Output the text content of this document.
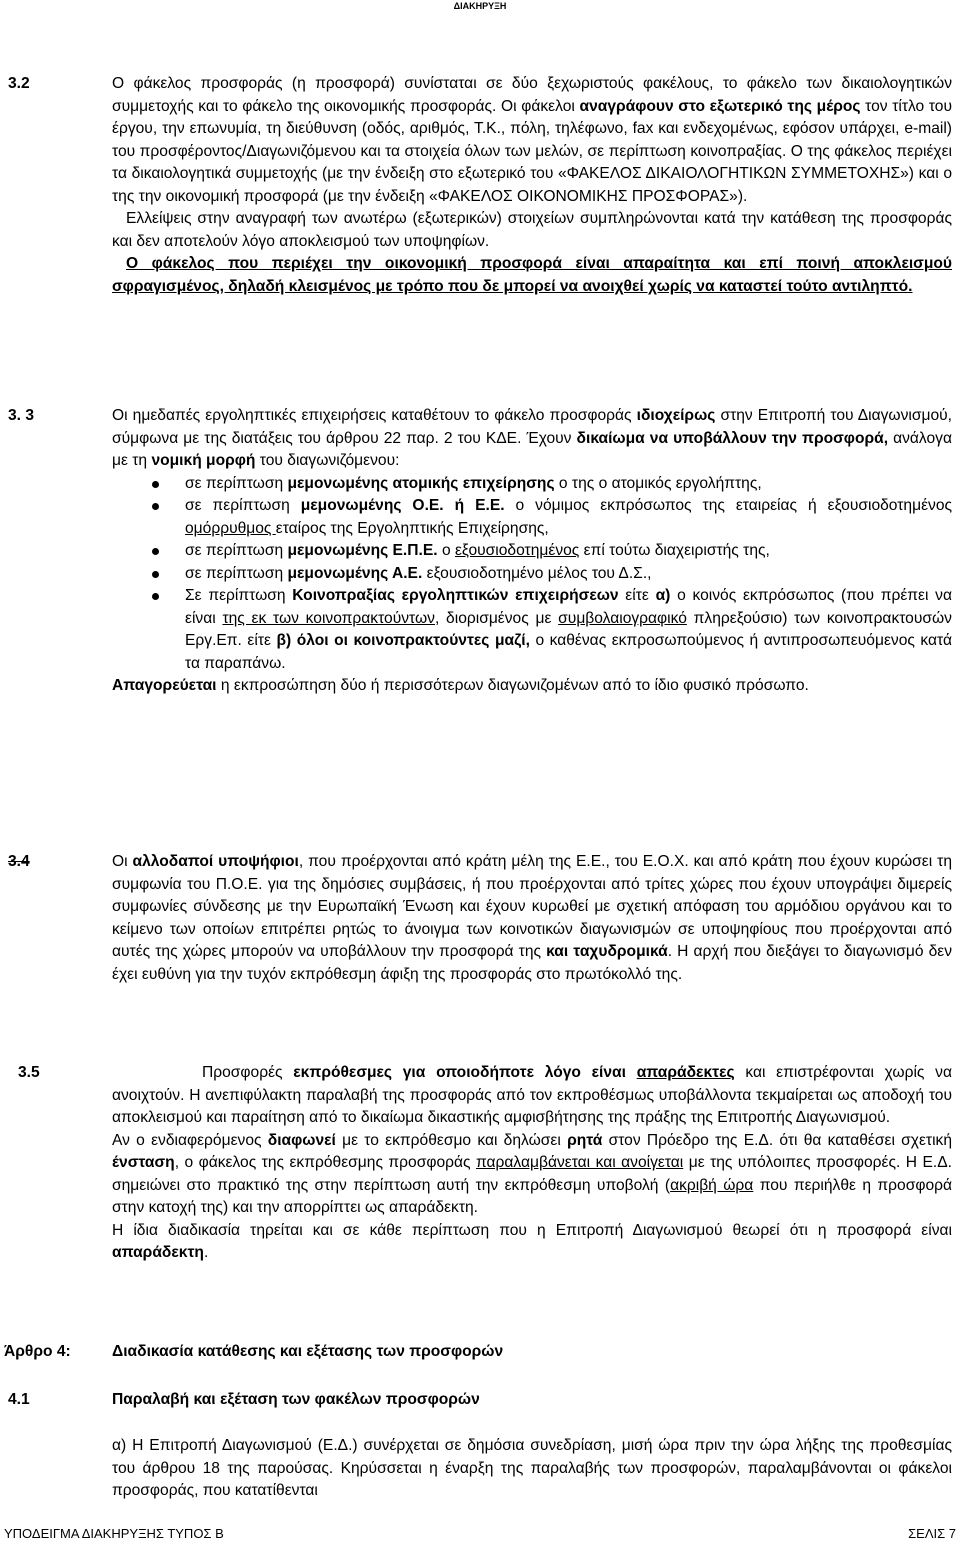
ΔΙΑΚΗΡΥΞΗ
3.2	Ο φάκελος προσφοράς (η προσφορά) συνίσταται σε δύο ξεχωριστούς φακέλους, το φάκελο των δικαιολογητικών συμμετοχής και το φάκελο της οικονομικής προσφοράς. Οι φάκελοι αναγράφουν στο εξωτερικό της μέρος τον τίτλο του έργου, την επωνυμία, τη διεύθυνση (οδός, αριθμός, Τ.Κ., πόλη, τηλέφωνο, fax και ενδεχομένως, εφόσον υπάρχει, e-mail) του προσφέροντος/Διαγωνιζόμενου και τα στοιχεία όλων των μελών, σε περίπτωση κοινοπραξίας. Ο της φάκελος περιέχει τα δικαιολογητικά συμμετοχής (με την ένδειξη στο εξωτερικό του «ΦΑΚΕΛΟΣ ΔΙΚΑΙΟΛΟΓΗΤΙΚΩΝ ΣΥΜΜΕΤΟΧΗΣ») και ο της την οικονομική προσφορά (με την ένδειξη «ΦΑΚΕΛΟΣ ΟΙΚΟΝΟΜΙΚΗΣ ΠΡΟΣΦΟΡΑΣ»).

Ελλείψεις στην αναγραφή των ανωτέρω (εξωτερικών) στοιχείων συμπληρώνονται κατά την κατάθεση της προσφοράς και δεν αποτελούν λόγο αποκλεισμού των υποψηφίων.

Ο φάκελος που περιέχει την οικονομική προσφορά είναι απαραίτητα και επί ποινή αποκλεισμού σφραγισμένος, δηλαδή κλεισμένος με τρόπο που δε μπορεί να ανοιχθεί χωρίς να καταστεί τούτο αντιληπτό.

3. 3	Οι ημεδαπές εργοληπτικές επιχειρήσεις καταθέτουν το φάκελο προσφοράς ιδιοχείρως στην Επιτροπή του Διαγωνισμού, σύμφωνα με της διατάξεις του άρθρου 22 παρ. 2 του ΚΔΕ. Έχουν δικαίωμα να υποβάλλουν την προσφορά, ανάλογα με τη νομική μορφή του διαγωνιζόμενου:

σε περίπτωση μεμονωμένης ατομικής επιχείρησης ο της ο ατομικός εργολήπτης,
σε περίπτωση μεμονωμένης Ο.Ε. ή Ε.Ε. ο νόμιμος εκπρόσωπος της εταιρείας ή εξουσιοδοτημένος ομόρρυθμος εταίρος της Εργοληπτικής Επιχείρησης,
σε περίπτωση μεμονωμένης Ε.Π.Ε. ο εξουσιοδοτημένος επί τούτω διαχειριστής της,
σε περίπτωση μεμονωμένης Α.Ε. εξουσιοδοτημένο μέλος του Δ.Σ.,
Σε περίπτωση Κοινοπραξίας εργοληπτικών επιχειρήσεων είτε α) ο κοινός εκπρόσωπος (που πρέπει να είναι της εκ των κοινοπρακτούντων, διορισμένος με συμβολαιογραφικό πληρεξούσιο) των κοινοπρακτουσών Εργ.Επ. είτε β) όλοι οι κοινοπρακτούντες μαζί, ο καθένας εκπροσωπούμενος ή αντιπροσωπευόμενος κατά τα παραπάνω.

Απαγορεύεται η εκπροσώπηση δύο ή περισσότερων διαγωνιζομένων από το ίδιο φυσικό πρόσωπο.

3.4	Οι αλλοδαποί υποψήφιοι, που προέρχονται από κράτη μέλη της Ε.Ε., του Ε.Ο.Χ. και από κράτη που έχουν κυρώσει τη συμφωνία του Π.Ο.Ε. για της δημόσιες συμβάσεις, ή που προέρχονται από τρίτες χώρες που έχουν υπογράψει διμερείς συμφωνίες σύνδεσης με την Ευρωπαϊκή Ένωση και έχουν κυρωθεί με σχετική απόφαση του αρμόδιου οργάνου και το κείμενο των οποίων επιτρέπει ρητώς το άνοιγμα των κοινοτικών διαγωνισμών σε υποψηφίους που προέρχονται από αυτές της χώρες μπορούν να υποβάλλουν την προσφορά της και ταχυδρομικά. Η αρχή που διεξάγει το διαγωνισμό δεν έχει ευθύνη για την τυχόν εκπρόθεσμη άφιξη της προσφοράς στο πρωτόκολλό της.

3.5	Προσφορές εκπρόθεσμες για οποιοδήποτε λόγο είναι απαράδεκτες και επιστρέφονται χωρίς να ανοιχτούν. Η ανεπιφύλακτη παραλαβή της προσφοράς από τον εκπροθέσμως υποβάλλοντα τεκμαίρεται ως αποδοχή του αποκλεισμού και παραίτηση από το δικαίωμα δικαστικής αμφισβήτησης της πράξης της Επιτροπής Διαγωνισμού.

Αν ο ενδιαφερόμενος διαφωνεί με το εκπρόθεσμο και δηλώσει ρητά στον Πρόεδρο της Ε.Δ. ότι θα καταθέσει σχετική ένσταση, ο φάκελος της εκπρόθεσμης προσφοράς παραλαμβάνεται και ανοίγεται με της υπόλοιπες προσφορές. Η Ε.Δ. σημειώνει στο πρακτικό της στην περίπτωση αυτή την εκπρόθεσμη υποβολή (ακριβή ώρα που περιήλθε η προσφορά στην κατοχή της) και την απορρίπτει ως απαράδεκτη.

Η ίδια διαδικασία τηρείται και σε κάθε περίπτωση που η Επιτροπή Διαγωνισμού θεωρεί ότι η προσφορά είναι απαράδεκτη.

Άρθρο 4:	Διαδικασία κατάθεσης και εξέτασης των προσφορών
4.1	Παραλαβή και εξέταση των φακέλων προσφορών
α) Η Επιτροπή Διαγωνισμού (Ε.Δ.) συνέρχεται σε δημόσια συνεδρίαση, μισή ώρα πριν την ώρα λήξης της προθεσμίας του άρθρου 18 της παρούσας. Κηρύσσεται η έναρξη της παραλαβής των προσφορών, παραλαμβάνονται οι φάκελοι προσφοράς, που κατατίθενται
ΥΠΟΔΕΙΓΜΑ ΔΙΑΚΗΡΥΞΗΣ ΤΥΠΟΣ Β	ΣΕΛΙΣ 7
